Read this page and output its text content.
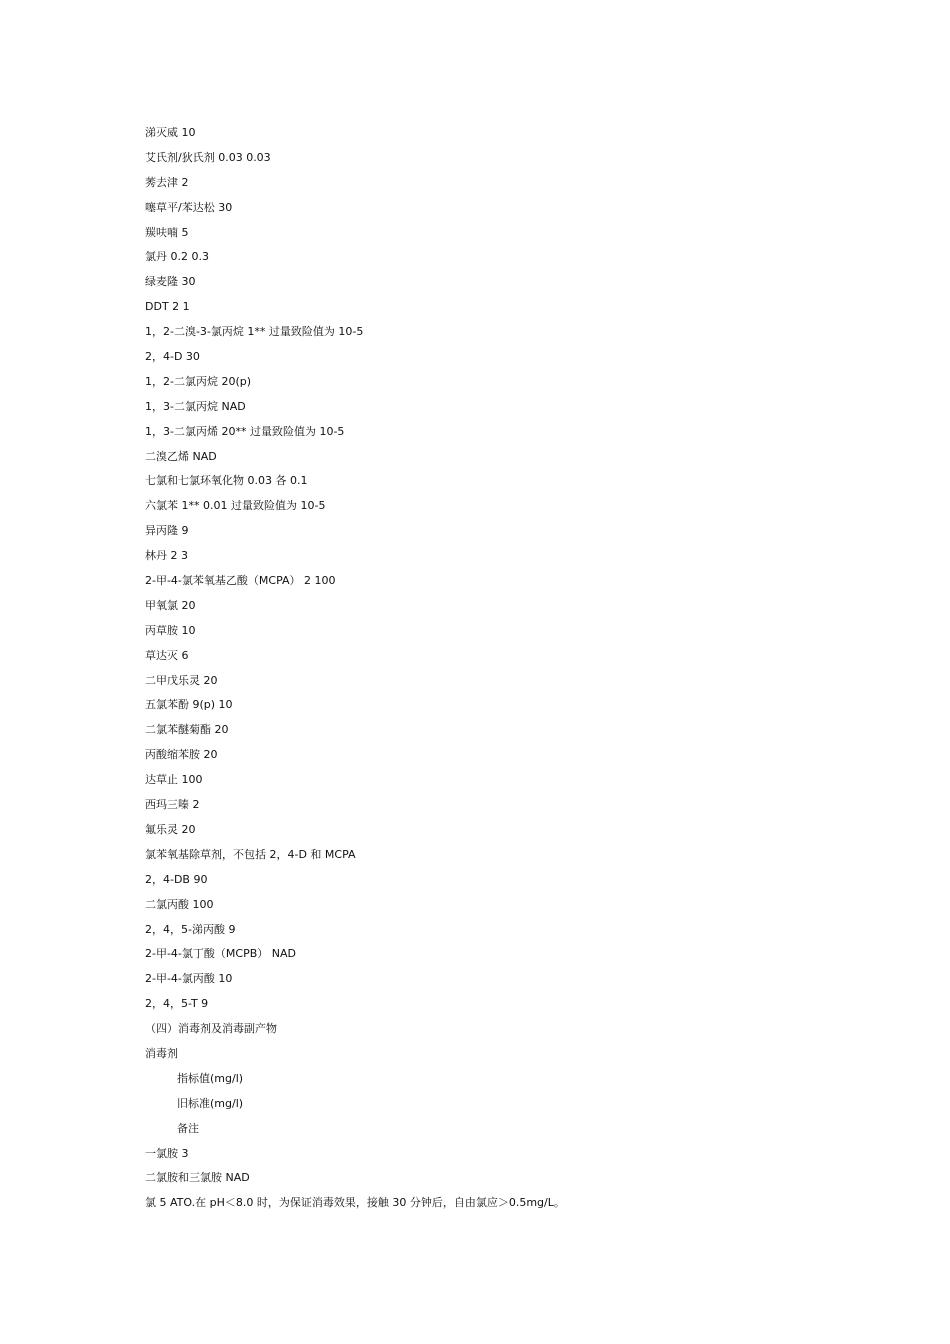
涕灭威 10
艾氏剂/狄氏剂 0.03 0.03
莠去津 2
噻草平/苯达松 30
羰呋喃 5
氯丹 0.2 0.3
绿麦隆 30
DDT 2 1
1，2-二溴-3-氯丙烷 1** 过量致险值为 10-5
2，4-D 30
1，2-二氯丙烷 20(p)
1，3-二氯丙烷 NAD
1，3-二氯丙烯 20** 过量致险值为 10-5
二溴乙烯 NAD
七氯和七氯环氧化物 0.03 各 0.1
六氯苯 1** 0.01 过量致险值为 10-5
异丙隆 9
林丹 2 3
2-甲-4-氯苯氧基乙酸（MCPA） 2 100
甲氧氯 20
丙草胺 10
草达灭 6
二甲戊乐灵 20
五氯苯酚 9(p) 10
二氯苯醚菊酯 20
丙酸缩苯胺 20
达草止 100
西玛三嗪 2
氟乐灵 20
氯苯氧基除草剂，不包括 2，4-D 和 MCPA
2，4-DB 90
二氯丙酸 100
2，4，5-涕丙酸 9
2-甲-4-氯丁酸（MCPB） NAD
2-甲-4-氯丙酸 10
2，4，5-T 9
（四）消毒剂及消毒副产物
消毒剂
指标值(mg/l)
旧标准(mg/l)
备注
一氯胺 3
二氯胺和三氯胺 NAD
氯 5 ATO.在 pH＜8.0 时，为保证消毒效果，接触 30 分钟后，自由氯应＞0.5mg/L。
